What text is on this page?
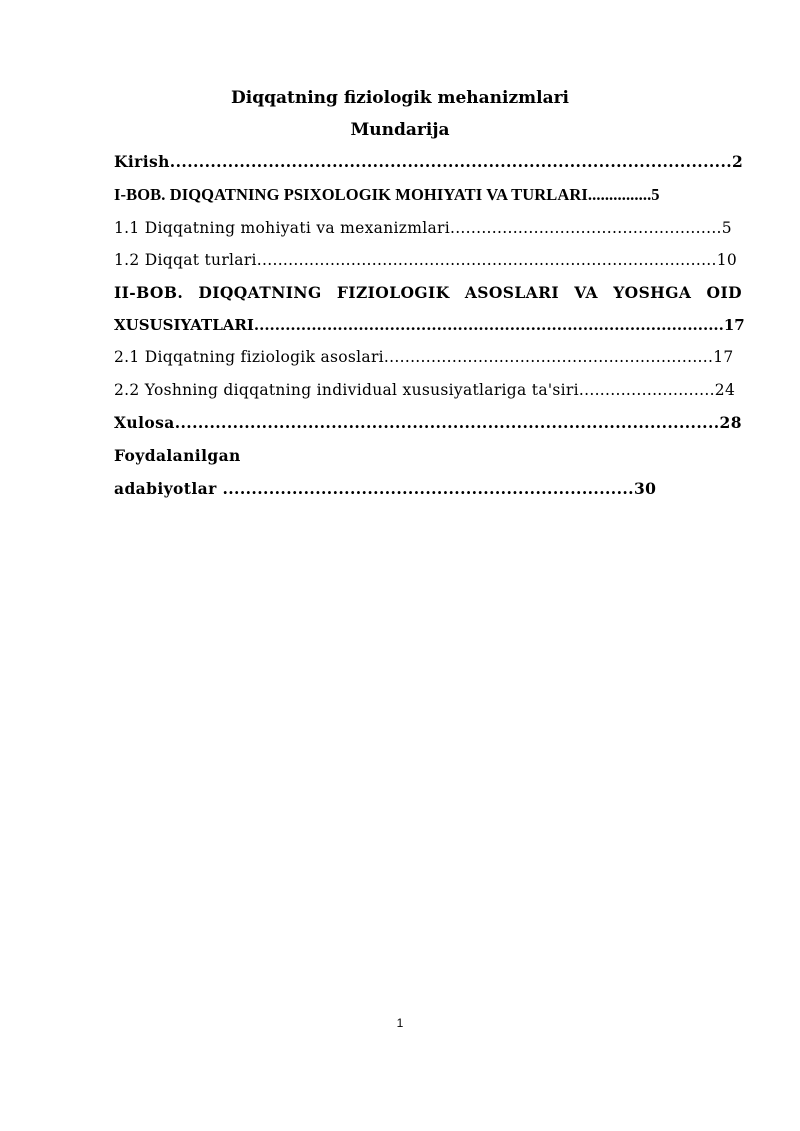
Diqqatning fiziologik mehanizmlari
Mundarija
Kirish.................................................................................................2
I-BOB. DIQQATNING PSIXOLOGIK MOHIYATI VA TURLARI...............5
1.1 Diqqatning mohiyati va mexanizmlari....................................................5
1.2 Diqqat turlari........................................................................................10
II-BOB. DIQQATNING FIZIOLOGIK ASOSLARI VA YOSHGA OID
XUSUSIYATLARI..........................................................................................17
2.1 Diqqatning fiziologik asoslari...............................................................17
2.2 Yoshning diqqatning individual xususiyatlariga ta'siri..........................24
Xulosa..............................................................................................28
Foydalanilgan
adabiyotlar .......................................................................30
1
